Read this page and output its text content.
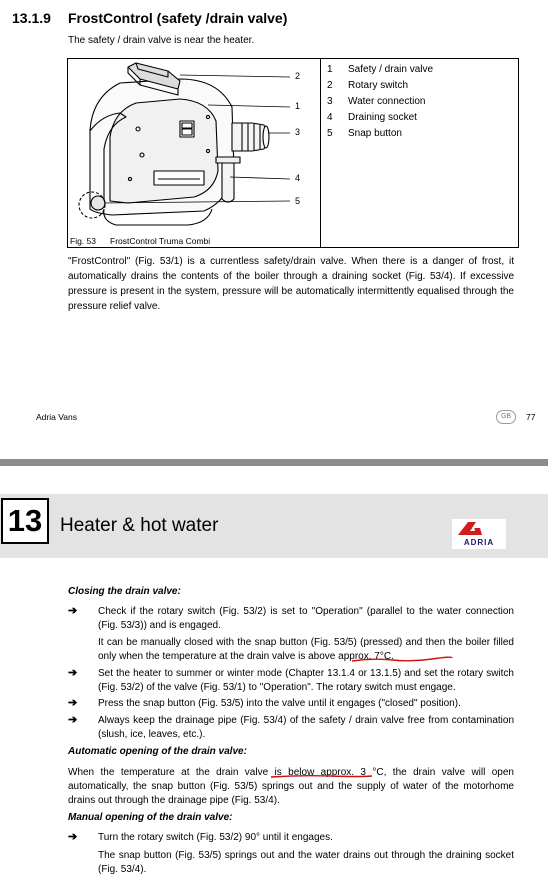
13.1.9 FrostControl (safety /drain valve)
The safety / drain valve is near the heater.
2
1
3
4
5
1	Safety / drain valve
2	Rotary switch
3	Water connection
4	Draining socket
5	Snap button
Fig. 53 FrostControl Truma Combi
"FrostControl" (Fig. 53/1) is a currentless safety/drain valve. When there is a danger of frost, it automatically drains the contents of the boiler through a draining socket (Fig. 53/4). If excessive pressure is present in the system, pressure will be automatically intermittently equalised through the pressure relief valve.
Adria Vans	GB	77
13 Heater & hot water
ADRIA
Closing the drain valve:
➔ Check if the rotary switch (Fig. 53/2) is set to "Operation" (parallel to the water connection (Fig. 53/3)) and is engaged.
It can be manually closed with the snap button (Fig. 53/5) (pressed) and then the boiler filled only when the temperature at the drain valve is above approx. 7°C.
➔ Set the heater to summer or winter mode (Chapter 13.1.4 or 13.1.5) and set the rotary switch (Fig. 53/2) of the valve (Fig. 53/1) to "Operation". The rotary switch must engage.
➔ Press the snap button (Fig. 53/5) into the valve until it engages ("closed" position).
➔ Always keep the drainage pipe (Fig. 53/4) of the safety / drain valve free from contamination (slush, ice, leaves, etc.).
Automatic opening of the drain valve:
When the temperature at the drain valve is below approx. 3 °C, the drain valve will open automatically, the snap button (Fig. 53/5) springs out and the supply of water of the motorhome drains out through the drainage pipe (Fig. 53/4).
Manual opening of the drain valve:
➔ Turn the rotary switch (Fig. 53/2) 90° until it engages.
The snap button (Fig. 53/5) springs out and the water drains out through the draining socket (Fig. 53/4).
